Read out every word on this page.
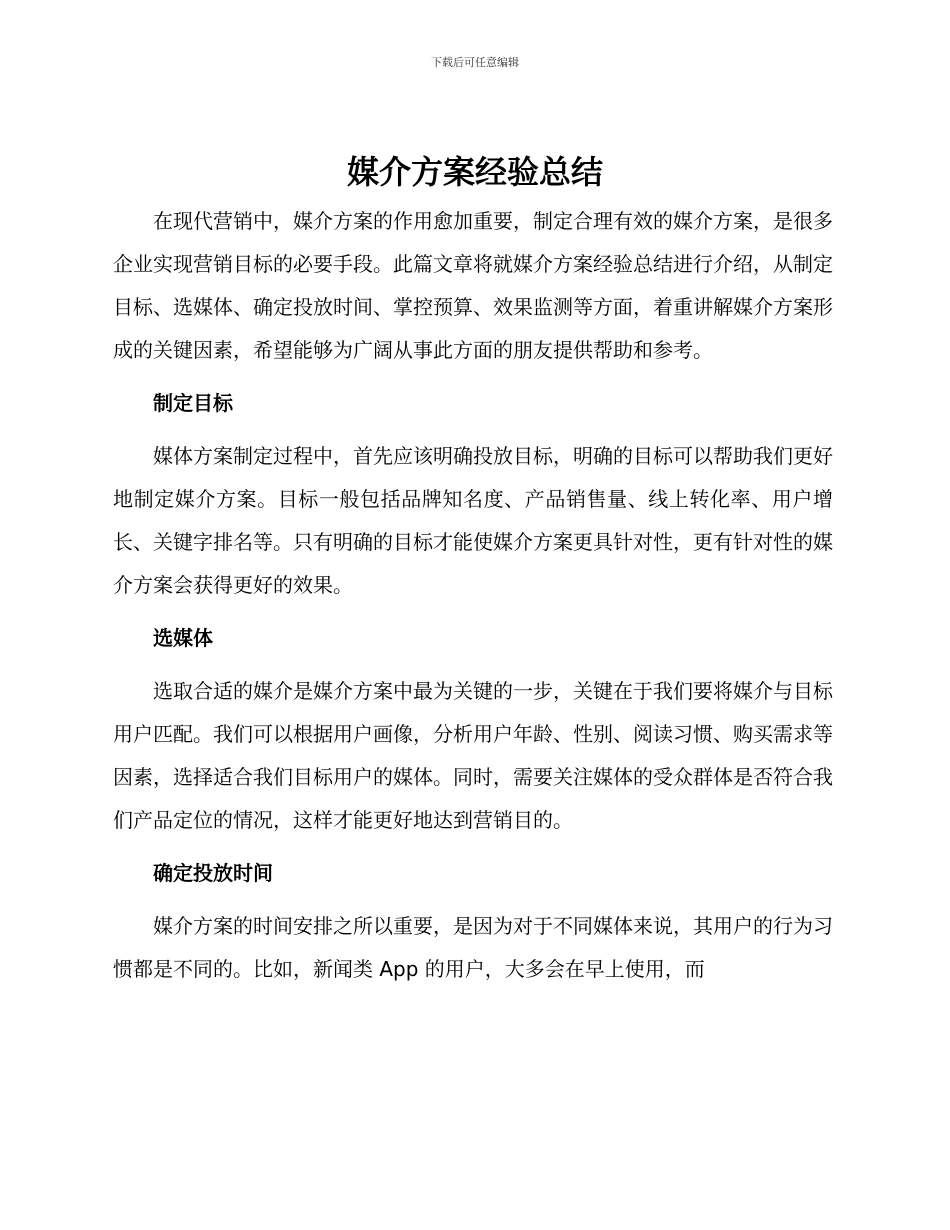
下载后可任意编辑
媒介方案经验总结

在现代营销中，媒介方案的作用愈加重要，制定合理有效的媒介方案，是很多企业实现营销目标的必要手段。此篇文章将就媒介方案经验总结进行介绍，从制定目标、选媒体、确定投放时间、掌控预算、效果监测等方面，着重讲解媒介方案形成的关键因素，希望能够为广阔从事此方面的朋友提供帮助和参考。

制定目标

媒体方案制定过程中，首先应该明确投放目标，明确的目标可以帮助我们更好地制定媒介方案。目标一般包括品牌知名度、产品销售量、线上转化率、用户增长、关键字排名等。只有明确的目标才能使媒介方案更具针对性，更有针对性的媒介方案会获得更好的效果。

选媒体

选取合适的媒介是媒介方案中最为关键的一步，关键在于我们要将媒介与目标用户匹配。我们可以根据用户画像，分析用户年龄、性别、阅读习惯、购买需求等因素，选择适合我们目标用户的媒体。同时，需要关注媒体的受众群体是否符合我们产品定位的情况，这样才能更好地达到营销目的。

确定投放时间

媒介方案的时间安排之所以重要，是因为对于不同媒体来说，其用户的行为习惯都是不同的。比如，新闻类 App 的用户，大多会在早上使用，而
